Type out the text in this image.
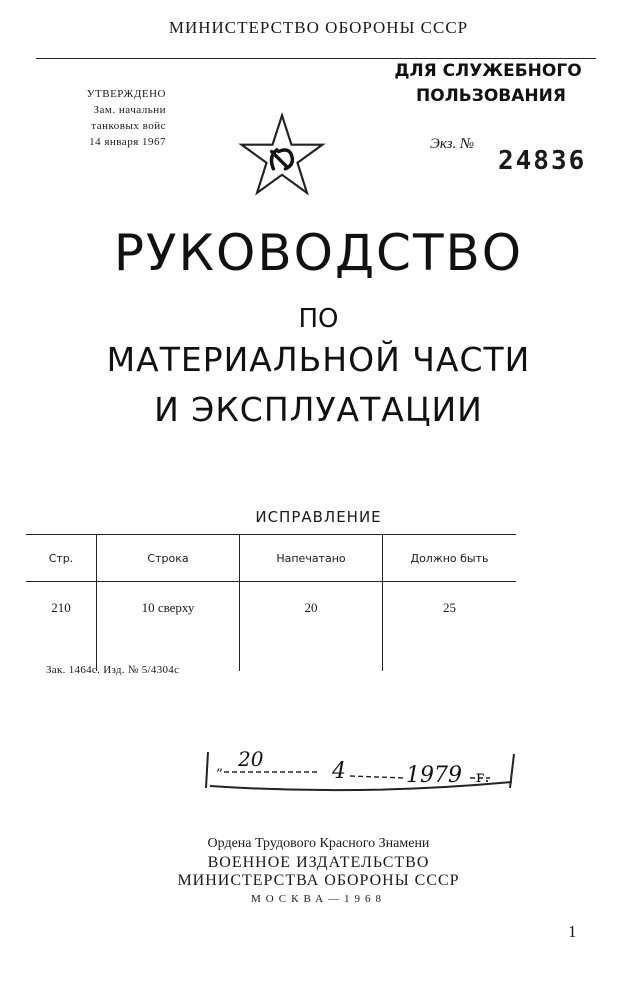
МИНИСТЕРСТВО ОБОРОНЫ СССР
УТВЕРЖДЕНО
Зам. начальни
танковых войс
14 января 1967
ДЛЯ СЛУЖЕБНОГО
ПОЛЬЗОВАНИЯ
Экз. №
24836
РУКОВОДСТВО
ПО
МАТЕРИАЛЬНОЙ ЧАСТИ
И ЭКСПЛУАТАЦИИ
ИСПРАВЛЕНИЕ
Стр.	Строка	Напечатано	Должно быть
210	10 сверху	20	25
Зак. 1464с. Изд. № 5/4304с
„ 20	4	1979 г.
Ордена Трудового Красного Знамени
ВОЕННОЕ ИЗДАТЕЛЬСТВО
МИНИСТЕРСТВА ОБОРОНЫ СССР
МОСКВА—1968
1
